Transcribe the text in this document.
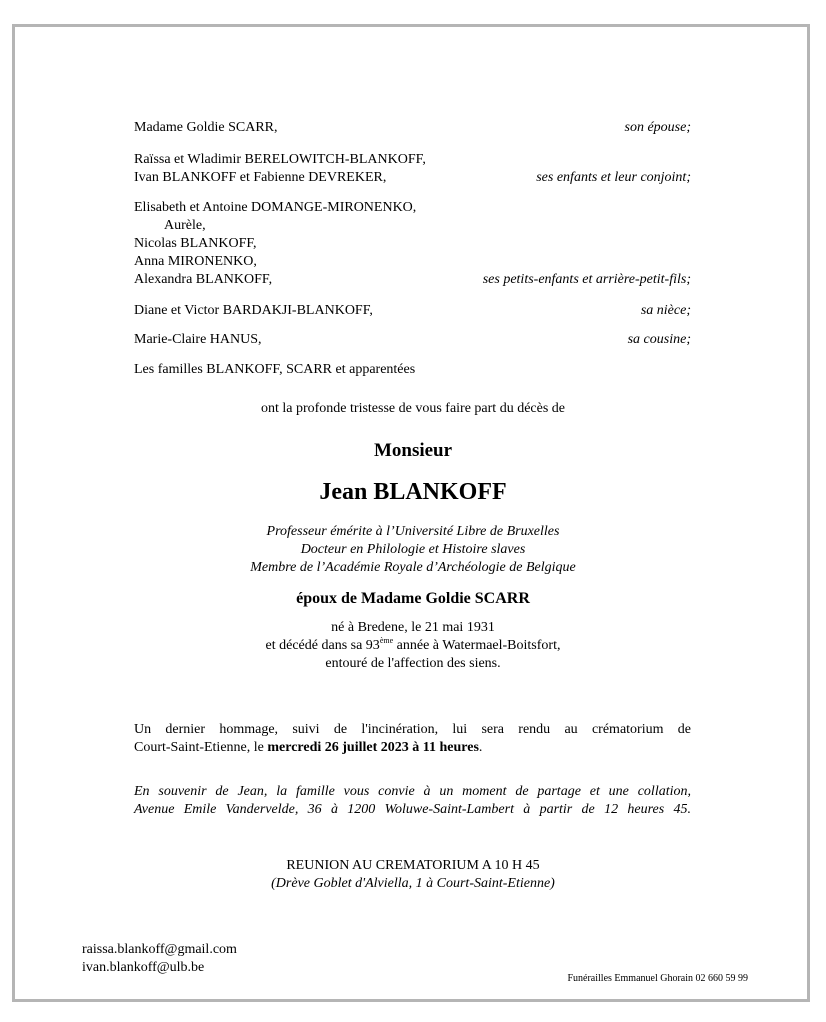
Madame Goldie SCARR,	son épouse;
Raïssa et Wladimir BERELOWITCH-BLANKOFF,
Ivan BLANKOFF et Fabienne DEVREKER,	ses enfants et leur conjoint;
Elisabeth et Antoine DOMANGE-MIRONENKO,
Aurèle,
Nicolas BLANKOFF,
Anna MIRONENKO,
Alexandra BLANKOFF,	ses petits-enfants et arrière-petit-fils;
Diane et Victor BARDAKJI-BLANKOFF,	sa nièce;
Marie-Claire HANUS,	sa cousine;
Les familles BLANKOFF, SCARR et apparentées
ont la profonde tristesse de vous faire part du décès de
Monsieur
Jean BLANKOFF
Professeur émérite à l’Université Libre de Bruxelles
Docteur en Philologie et Histoire slaves
Membre de l’Académie Royale d’Archéologie de Belgique
époux de Madame Goldie SCARR
né à Bredene, le 21 mai 1931
et décédé dans sa 93ème année à Watermael-Boitsfort,
entouré de l'affection des siens.
Un dernier hommage, suivi de l'incinération, lui sera rendu au crématorium de
Court-Saint-Etienne, le mercredi 26 juillet 2023 à 11 heures.
En souvenir de Jean, la famille vous convie à un moment de partage et une collation,
Avenue Emile Vandervelde, 36 à 1200 Woluwe-Saint-Lambert à partir de 12 heures 45.
REUNION AU CREMATORIUM A 10 H 45
(Drève Goblet d'Alviella, 1 à Court-Saint-Etienne)
raissa.blankoff@gmail.com
ivan.blankoff@ulb.be
Funérailles Emmanuel Ghorain 02 660 59 99
